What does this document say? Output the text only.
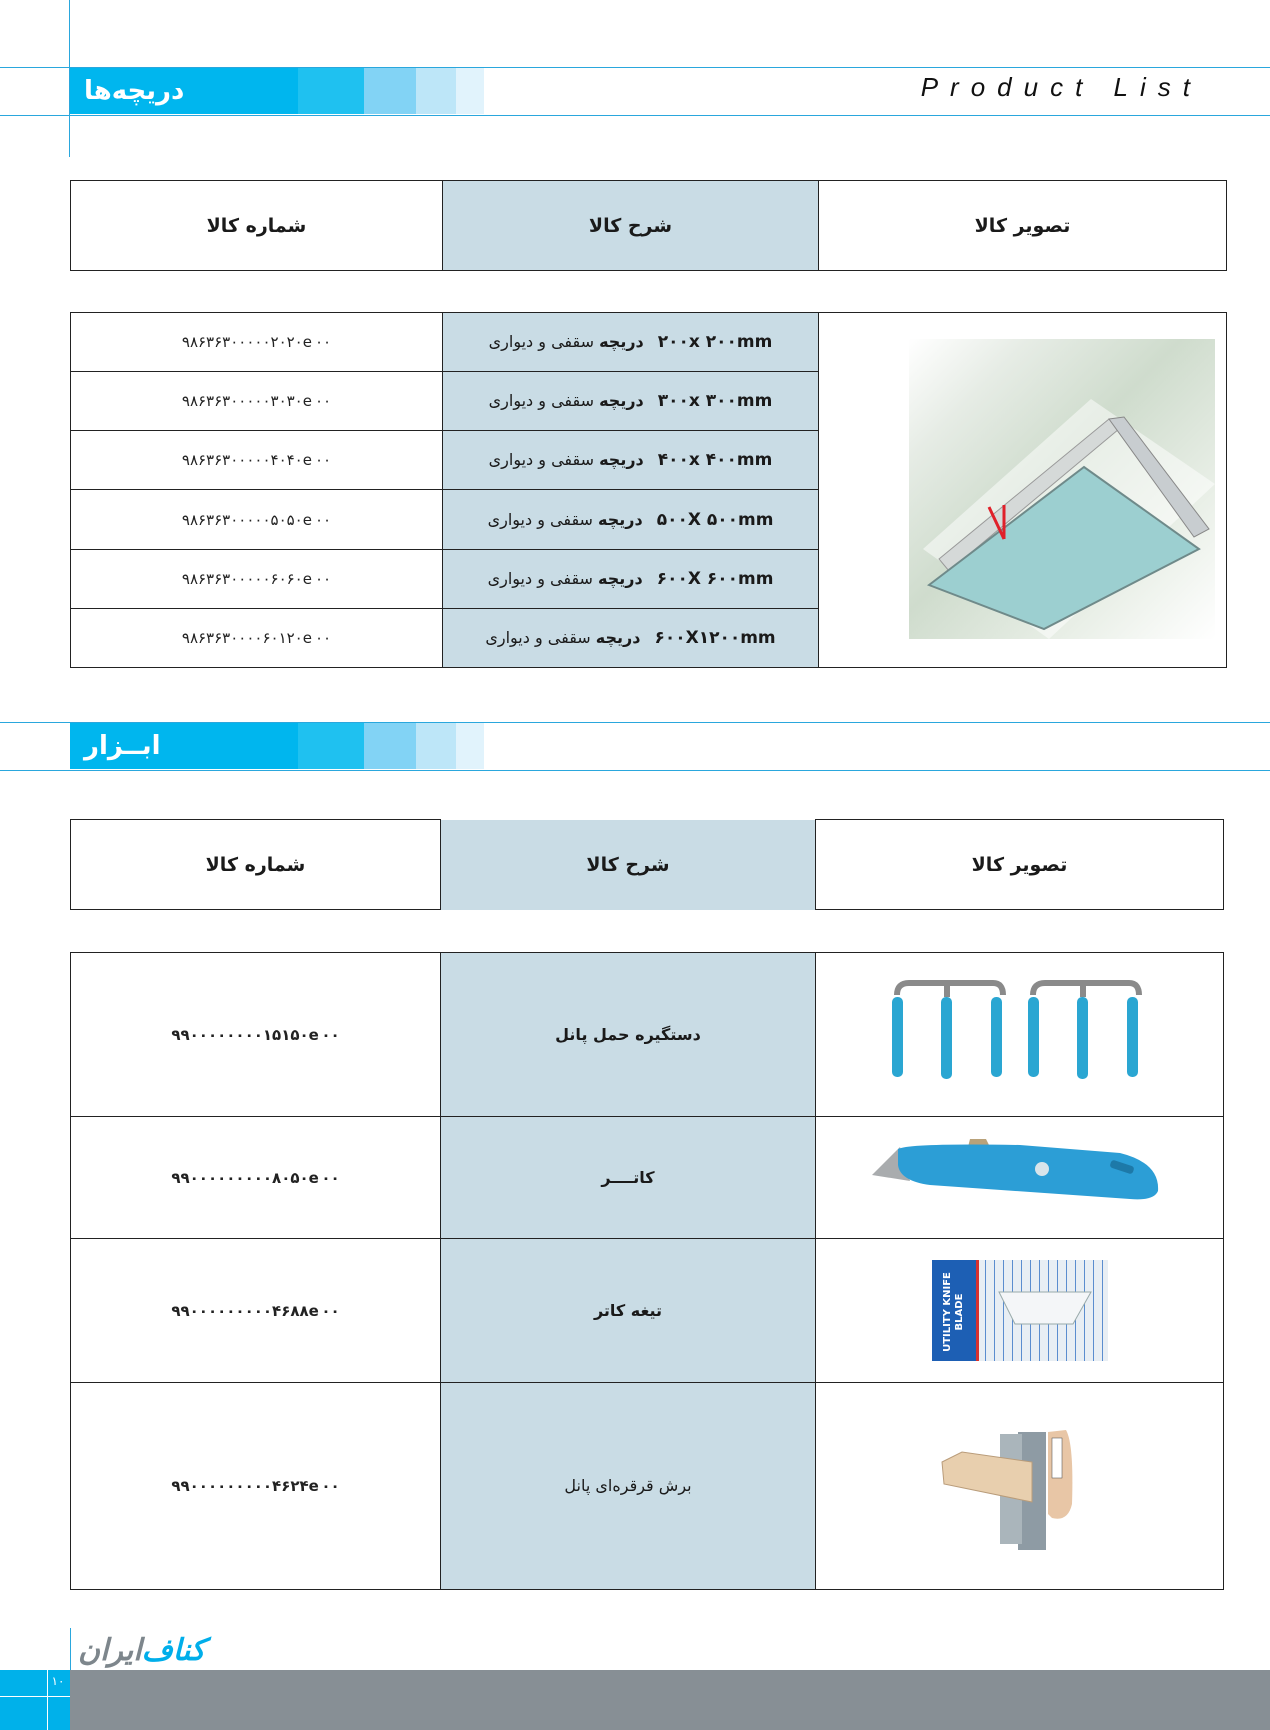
دریچه‌ها	Product List
شماره کالا	شرح کالا	تصویر کالا
۹۸۶۳۶۳۰۰۰۰۰۲۰۲۰e۰۰	دریچه سقفی و دیواری ۲۰۰x ۲۰۰mm	

۹۸۶۳۶۳۰۰۰۰۰۳۰۳۰e۰۰	دریچه سقفی و دیواری ۳۰۰x ۳۰۰mm	
۹۸۶۳۶۳۰۰۰۰۰۴۰۴۰e۰۰	دریچه سقفی و دیواری ۴۰۰x ۴۰۰mm	
۹۸۶۳۶۳۰۰۰۰۰۵۰۵۰e۰۰	دریچه سقفی و دیواری ۵۰۰X ۵۰۰mm	
۹۸۶۳۶۳۰۰۰۰۰۶۰۶۰e۰۰	دریچه سقفی و دیواری ۶۰۰X ۶۰۰mm	
۹۸۶۳۶۳۰۰۰۰۶۰۱۲۰e۰۰	دریچه سقفی و دیواری ۶۰۰X۱۲۰۰mm	
ابــزار
شماره کالا	شرح کالا	تصویر کالا
۹۹۰۰۰۰۰۰۰۰۱۵۱۵۰e۰۰	دستگیره حمل پانل	
۹۹۰۰۰۰۰۰۰۰۰۸۰۵۰e۰۰	کاتــــر	
۹۹۰۰۰۰۰۰۰۰۰۴۶۸۸e۰۰	تیغه کاتر	UTILITY KNIFE
BLADE

۹۹۰۰۰۰۰۰۰۰۰۴۶۲۴e۰۰	برش قرقره‌ای پانل	
کناف
ایران
۱۰
